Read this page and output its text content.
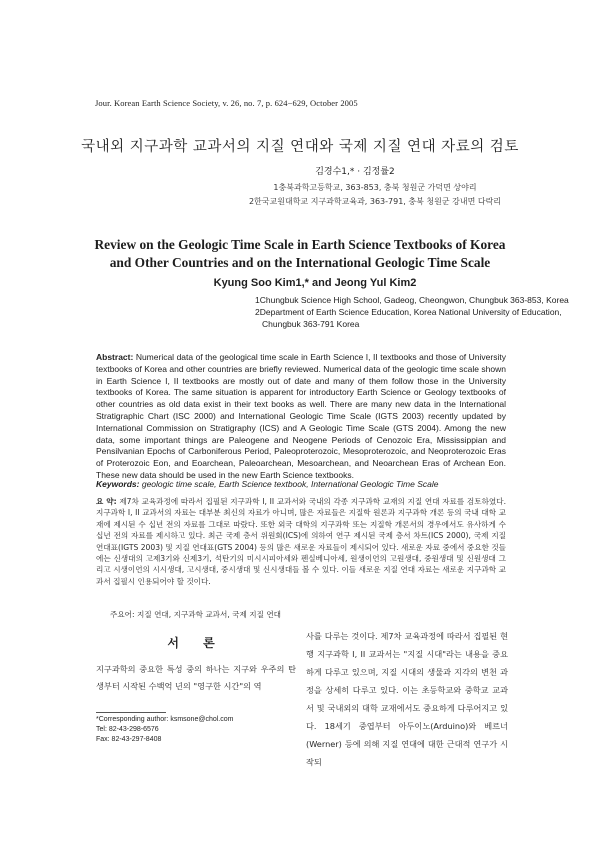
Jour. Korean Earth Science Society, v. 26, no. 7, p. 624−629, October 2005
국내외 지구과학 교과서의 지질 연대와 국제 지질 연대 자료의 검토
김경수1,* · 김정률2
1충북과학고등학교, 363-853, 충북 청원군 가덕면 상야리
2한국교원대학교 지구과학교육과, 363-791, 충북 청원군 강내면 다락리
Review on the Geologic Time Scale in Earth Science Textbooks of Korea
and Other Countries and on the International Geologic Time Scale
Kyung Soo Kim1,* and Jeong Yul Kim2
1Chungbuk Science High School, Gadeog, Cheongwon, Chungbuk 363-853, Korea
2Department of Earth Science Education, Korea National University of Education,
Chungbuk 363-791 Korea
Abstract: Numerical data of the geological time scale in Earth Science I, II textbooks and those of University textbooks of Korea and other countries are briefly reviewed. Numerical data of the geologic time scale shown in Earth Science I, II textbooks are mostly out of date and many of them follow those in the University textbooks of Korea. The same situation is apparent for introductory Earth Science or Geology textbooks of other countries as old data exist in their text books as well. There are many new data in the International Stratigraphic Chart (ISC 2000) and International Geologic Time Scale (IGTS 2003) recently updated by International Commission on Stratigraphy (ICS) and A Geologic Time Scale (GTS 2004). Among the new data, some important things are Paleogene and Neogene Periods of Cenozoic Era, Mississippian and Pensilvanian Epochs of Carboniferous Period, Paleoproterozoic, Mesoproterozoic, and Neoproterozoic Eras of Proterozoic Eon, and Eoarchean, Paleoarchean, Mesoarchean, and Neoarchean Eras of Archean Eon. These new data should be used in the new Earth Science textbooks.
Keywords: geologic time scale, Earth Science textbook, International Geologic Time Scale
요 약: 제7차 교육과정에 따라서 집필된 지구과학 I, II 교과서와 국내의 각종 지구과학 교재의 지질 연대 자료를 검토하였다. 지구과학 I, II 교과서의 자료는 대부분 최신의 자료가 아니며, 많은 자료들은 지질학 원론과 지구과학 개론 등의 국내 대학 교재에 제시된 수 십년 전의 자료를 그대로 따랐다. 또한 외국 대학의 지구과학 또는 지질학 개론서의 경우에서도 유사하게 수 십년 전의 자료를 제시하고 있다. 최근 국제 층서 위원회(ICS)에 의하여 연구 제시된 국제 층서 차트(ICS 2000), 국제 지질 연대표(IGTS 2003) 및 지질 연대표(GTS 2004) 등의 많은 새로운 자료들이 제시되어 있다. 새로운 자료 중에서 중요한 것들에는 신생대의 고제3기와 신제3기, 석탄기의 미시시피아세와 펜실베니아세, 원생이언의 고원생대, 중원생대 및 신원생대 그리고 시생이언의 시시생대, 고시생대, 중시생대 및 신시생대들 볼 수 있다. 이들 새로운 지질 연대 자료는 새로운 지구과학 교과서 집필시 인용되어야 할 것이다.
주요어: 지질 연대, 지구과학 교과서, 국제 지질 연대
서 론
지구과학의 중요한 특성 중의 하나는 지구와 우주의 탄생부터 시작된 수백억 년의 "영구한 시간"의 역
*Corresponding author: ksmsone@chol.com
Tel: 82-43-298-6576
Fax: 82-43-297-8408
사를 다루는 것이다. 제7차 교육과정에 따라서 집필된 현행 지구과학 I, II 교과서는 "지질 시대"라는 내용을 중요하게 다루고 있으며, 지질 시대의 생물과 지각의 변천 과정을 상세히 다루고 있다. 이는 초등학교와 중학교 교과서 및 국내외의 대학 교재에서도 중요하게 다루어지고 있다. 18세기 중엽부터 아두이노(Arduino)와 베르너(Werner) 등에 의해 지질 연대에 대한 근대적 연구가 시작되
